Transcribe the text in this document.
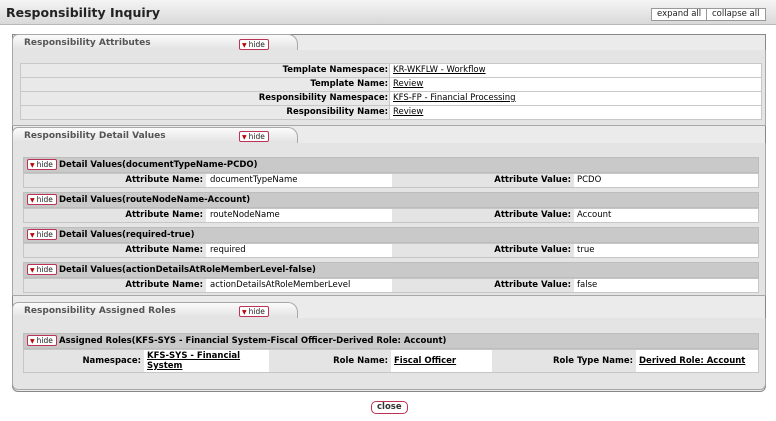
Responsibility Inquiry	expand all	collapse all
Responsibility Attributes	▼ hide
Template Namespace: KR-WKFLW - Workflow
Template Name: Review
Responsibility Namespace: KFS-FP - Financial Processing
Responsibility Name: Review
Responsibility Detail Values	▼ hide
▼ hide Detail Values(documentTypeName-PCDO)
Attribute Name: documentTypeName	Attribute Value: PCDO
▼ hide Detail Values(routeNodeName-Account)
Attribute Name: routeNodeName	Attribute Value: Account
▼ hide Detail Values(required-true)
Attribute Name: required	Attribute Value: true
▼ hide Detail Values(actionDetailsAtRoleMemberLevel-false)
Attribute Name: actionDetailsAtRoleMemberLevel	Attribute Value: false
Responsibility Assigned Roles	▼ hide
▼ hide Assigned Roles(KFS-SYS - Financial System-Fiscal Officer-Derived Role: Account)
Namespace: KFS-SYS - Financial
System	Role Name: Fiscal Officer	Role Type Name: Derived Role: Account
close
